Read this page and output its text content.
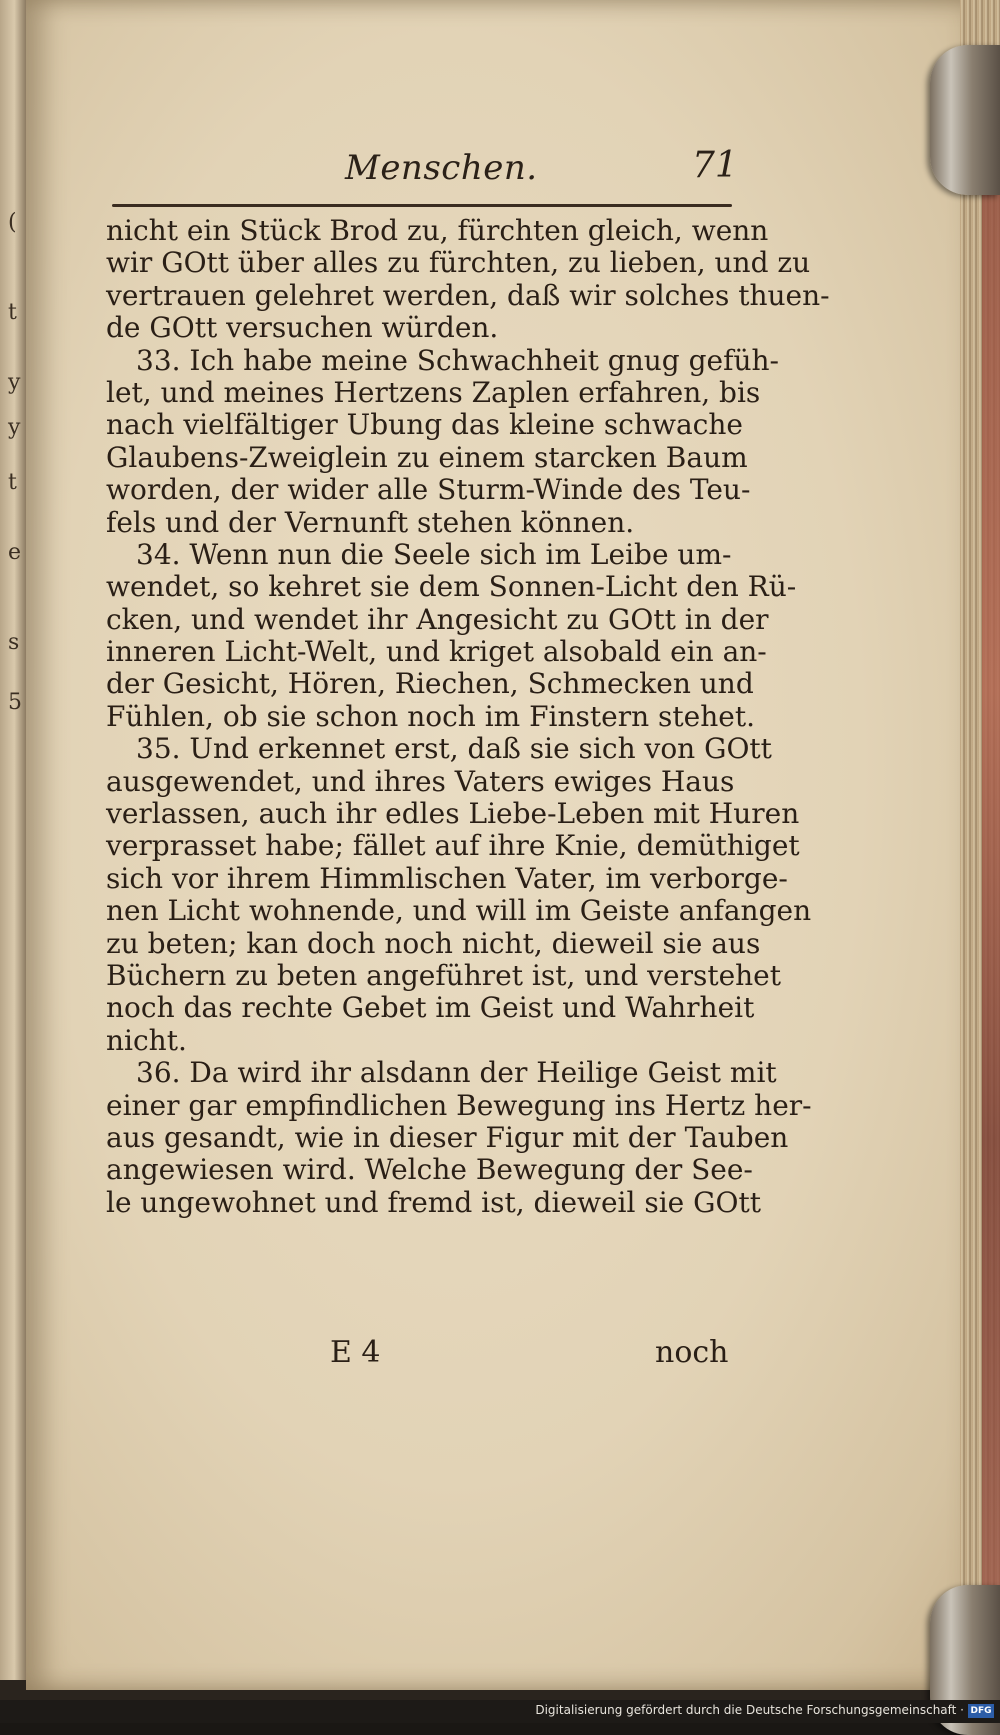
(
t
y
y
t
e
s
5
Menschen.	71
nicht ein Stück Brod zu, fürchten gleich, wenn
wir GOtt über alles zu fürchten, zu lieben, und zu
vertrauen gelehret werden, daß wir solches thuen-
de GOtt versuchen würden.
33. Ich habe meine Schwachheit gnug gefüh-
let, und meines Hertzens Zaplen erfahren, bis
nach vielfältiger Ubung das kleine schwache
Glaubens-Zweiglein zu einem starcken Baum
worden, der wider alle Sturm-Winde des Teu-
fels und der Vernunft stehen können.
34. Wenn nun die Seele sich im Leibe um-
wendet, so kehret sie dem Sonnen-Licht den Rü-
cken, und wendet ihr Angesicht zu GOtt in der
inneren Licht-Welt, und kriget alsobald ein an-
der Gesicht, Hören, Riechen, Schmecken und
Fühlen, ob sie schon noch im Finstern stehet.
35. Und erkennet erst, daß sie sich von GOtt
ausgewendet, und ihres Vaters ewiges Haus
verlassen, auch ihr edles Liebe-Leben mit Huren
verprasset habe; fället auf ihre Knie, demüthiget
sich vor ihrem Himmlischen Vater, im verborge-
nen Licht wohnende, und will im Geiste anfangen
zu beten; kan doch noch nicht, dieweil sie aus
Büchern zu beten angeführet ist, und verstehet
noch das rechte Gebet im Geist und Wahrheit
nicht.
36. Da wird ihr alsdann der Heilige Geist mit
einer gar empfindlichen Bewegung ins Hertz her-
aus gesandt, wie in dieser Figur mit der Tauben
angewiesen wird. Welche Bewegung der See-
le ungewohnet und fremd ist, dieweil sie GOtt
E 4	noch
Digitalisierung gefördert durch die Deutsche Forschungsgemeinschaft · DFG
